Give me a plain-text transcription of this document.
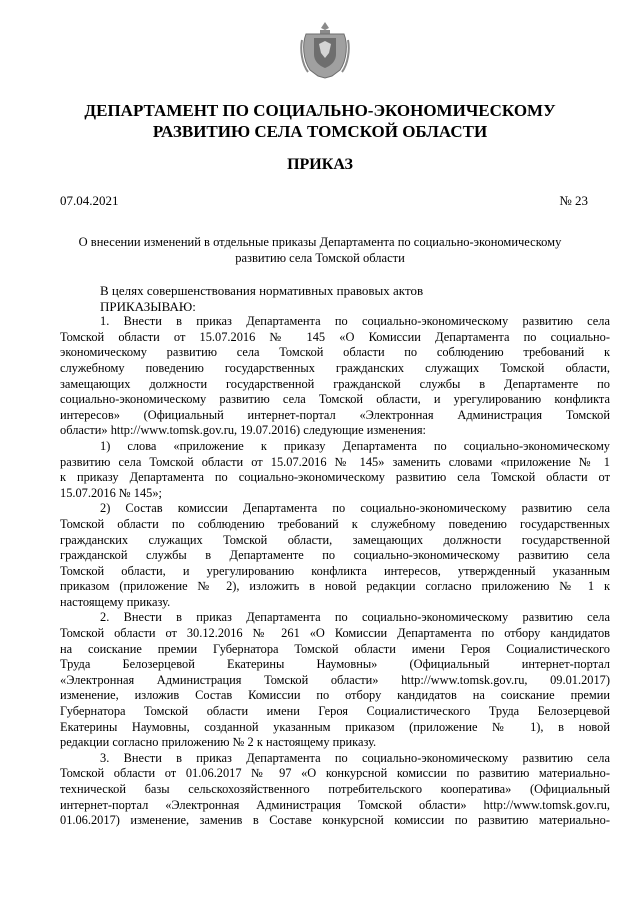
ДЕПАРТАМЕНТ ПО СОЦИАЛЬНО-ЭКОНОМИЧЕСКОМУ
РАЗВИТИЮ СЕЛА ТОМСКОЙ ОБЛАСТИ
ПРИКАЗ
07.04.2021	№ 23
О внесении изменений в отдельные приказы Департамента по социально-экономическому
развитию села Томской области
В целях совершенствования нормативных правовых актов
ПРИКАЗЫВАЮ:
1. Внести в приказ Департамента по социально-экономическому развитию села
Томской области от 15.07.2016 № 145 «О Комиссии Департамента по социально-
экономическому развитию села Томской области по соблюдению требований к
служебному поведению государственных гражданских служащих Томской области,
замещающих должности государственной гражданской службы в Департаменте по
социально-экономическому развитию села Томской области, и урегулированию конфликта
интересов» (Официальный интернет-портал «Электронная Администрация Томской
области» http://www.tomsk.gov.ru, 19.07.2016) следующие изменения:
1) слова «приложение к приказу Департамента по социально-экономическому
развитию села Томской области от 15.07.2016 № 145» заменить словами «приложение № 1
к приказу Департамента по социально-экономическому развитию села Томской области от
15.07.2016 № 145»;
2) Состав комиссии Департамента по социально-экономическому развитию села
Томской области по соблюдению требований к служебному поведению государственных
гражданских служащих Томской области, замещающих должности государственной
гражданской службы в Департаменте по социально-экономическому развитию села
Томской области, и урегулированию конфликта интересов, утвержденный указанным
приказом (приложение № 2), изложить в новой редакции согласно приложению № 1 к
настоящему приказу.
2. Внести в приказ Департамента по социально-экономическому развитию села
Томской области от 30.12.2016 № 261 «О Комиссии Департамента по отбору кандидатов
на соискание премии Губернатора Томской области имени Героя Социалистического
Труда Белозерцевой Екатерины Наумовны» (Официальный интернет-портал
«Электронная Администрация Томской области» http://www.tomsk.gov.ru, 09.01.2017)
изменение, изложив Состав Комиссии по отбору кандидатов на соискание премии
Губернатора Томской области имени Героя Социалистического Труда Белозерцевой
Екатерины Наумовны, созданной указанным приказом (приложение № 1), в новой
редакции согласно приложению № 2 к настоящему приказу.
3. Внести в приказ Департамента по социально-экономическому развитию села
Томской области от 01.06.2017 № 97 «О конкурсной комиссии по развитию материально-
технической базы сельскохозяйственного потребительского кооператива» (Официальный
интернет-портал «Электронная Администрация Томской области» http://www.tomsk.gov.ru,
01.06.2017) изменение, заменив в Составе конкурсной комиссии по развитию материально-
